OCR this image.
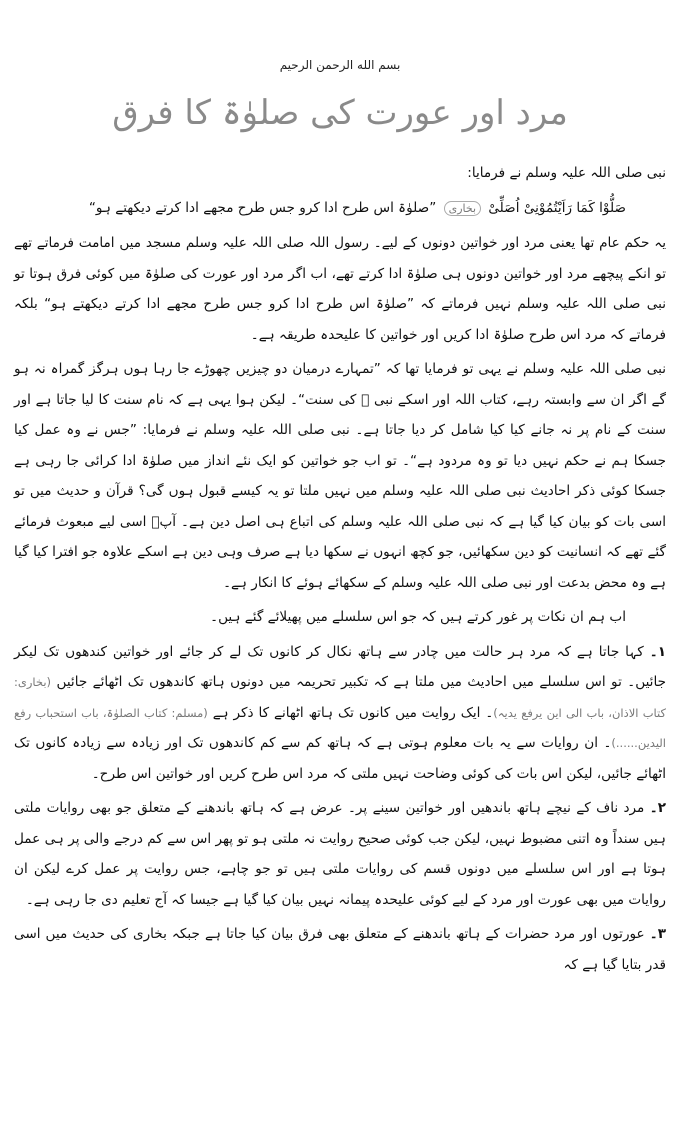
بسم الله الرحمن الرحیم
مرد اور عورت کی صلوٰۃ کا فرق

نبی صلی اللہ علیہ وسلم نے فرمایا:

صَلُّوْا كَمَا رَاَیْتُمُوْنِیْ اُصَلِّیْ بخاری ”صلوٰۃ اس طرح ادا کرو جس طرح مجھے ادا کرتے دیکھتے ہو“

یہ حکم عام تھا یعنی مرد اور خواتین دونوں کے لیے۔ رسول اللہ صلی اللہ علیہ وسلم مسجد میں امامت فرماتے تھے تو انکے پیچھے مرد اور خواتین دونوں ہی صلوٰۃ ادا کرتے تھے، اب اگر مرد اور عورت کی صلوٰۃ میں کوئی فرق ہوتا تو نبی صلی اللہ علیہ وسلم نہیں فرماتے کہ ”صلوٰۃ اس طرح ادا کرو جس طرح مجھے ادا کرتے دیکھتے ہو“ بلکہ فرماتے کہ مرد اس طرح صلوٰۃ ادا کریں اور خواتین کا علیحدہ طریقہ ہے۔

نبی صلی اللہ علیہ وسلم نے یہی تو فرمایا تھا کہ ”تمہارے درمیان دو چیزیں چھوڑے جا رہا ہوں ہرگز گمراہ نہ ہو گے اگر ان سے وابستہ رہے، کتاب اللہ اور اسکے نبی ؐ کی سنت“۔ لیکن ہوا یہی ہے کہ نام سنت کا لیا جاتا ہے اور سنت کے نام پر نہ جانے کیا کیا شامل کر دیا جاتا ہے۔ نبی صلی اللہ علیہ وسلم نے فرمایا: ”جس نے وہ عمل کیا جسکا ہم نے حکم نہیں دیا تو وہ مردود ہے“۔ تو اب جو خواتین کو ایک نئے انداز میں صلوٰۃ ادا کرائی جا رہی ہے جسکا کوئی ذکر احادیث نبی صلی اللہ علیہ وسلم میں نہیں ملتا تو یہ کیسے قبول ہوں گی؟ قرآن و حدیث میں تو اسی بات کو بیان کیا گیا ہے کہ نبی صلی اللہ علیہ وسلم کی اتباع ہی اصل دین ہے۔ آپؐ اسی لیے مبعوث فرمائے گئے تھے کہ انسانیت کو دین سکھائیں، جو کچھ انہوں نے سکھا دیا ہے صرف وہی دین ہے اسکے علاوہ جو افترا کیا گیا ہے وہ محض بدعت اور نبی صلی اللہ علیہ وسلم کے سکھائے ہوئے کا انکار ہے۔

اب ہم ان نکات پر غور کرتے ہیں کہ جو اس سلسلے میں پھیلائے گئے ہیں۔

۱۔ کہا جاتا ہے کہ مرد ہر حالت میں چادر سے ہاتھ نکال کر کانوں تک لے کر جائے اور خواتین کندھوں تک لیکر جائیں۔ تو اس سلسلے میں احادیث میں ملتا ہے کہ تکبیر تحریمہ میں دونوں ہاتھ کاندھوں تک اٹھائے جائیں (بخاری: کتاب الاذان، باب الی این یرفع یدیہ)۔ ایک روایت میں کانوں تک ہاتھ اٹھانے کا ذکر ہے (مسلم: کتاب الصلوٰۃ، باب استحباب رفع الیدین......)۔ ان روایات سے یہ بات معلوم ہوتی ہے کہ ہاتھ کم سے کم کاندھوں تک اور زیادہ سے زیادہ کانوں تک اٹھائے جائیں، لیکن اس بات کی کوئی وضاحت نہیں ملتی کہ مرد اس طرح کریں اور خواتین اس طرح۔

۲۔ مرد ناف کے نیچے ہاتھ باندھیں اور خواتین سینے پر۔ عرض ہے کہ ہاتھ باندھنے کے متعلق جو بھی روایات ملتی ہیں سنداً وہ اتنی مضبوط نہیں، لیکن جب کوئی صحیح روایت نہ ملتی ہو تو پھر اس سے کم درجے والی پر ہی عمل ہوتا ہے اور اس سلسلے میں دونوں قسم کی روایات ملتی ہیں تو جو چاہے، جس روایت پر عمل کرے لیکن ان روایات میں بھی عورت اور مرد کے لیے کوئی علیحدہ پیمانہ نہیں بیان کیا گیا ہے جیسا کہ آج تعلیم دی جا رہی ہے۔

۳۔ عورتوں اور مرد حضرات کے ہاتھ باندھنے کے متعلق بھی فرق بیان کیا جاتا ہے جبکہ بخاری کی حدیث میں اسی قدر بتایا گیا ہے کہ
